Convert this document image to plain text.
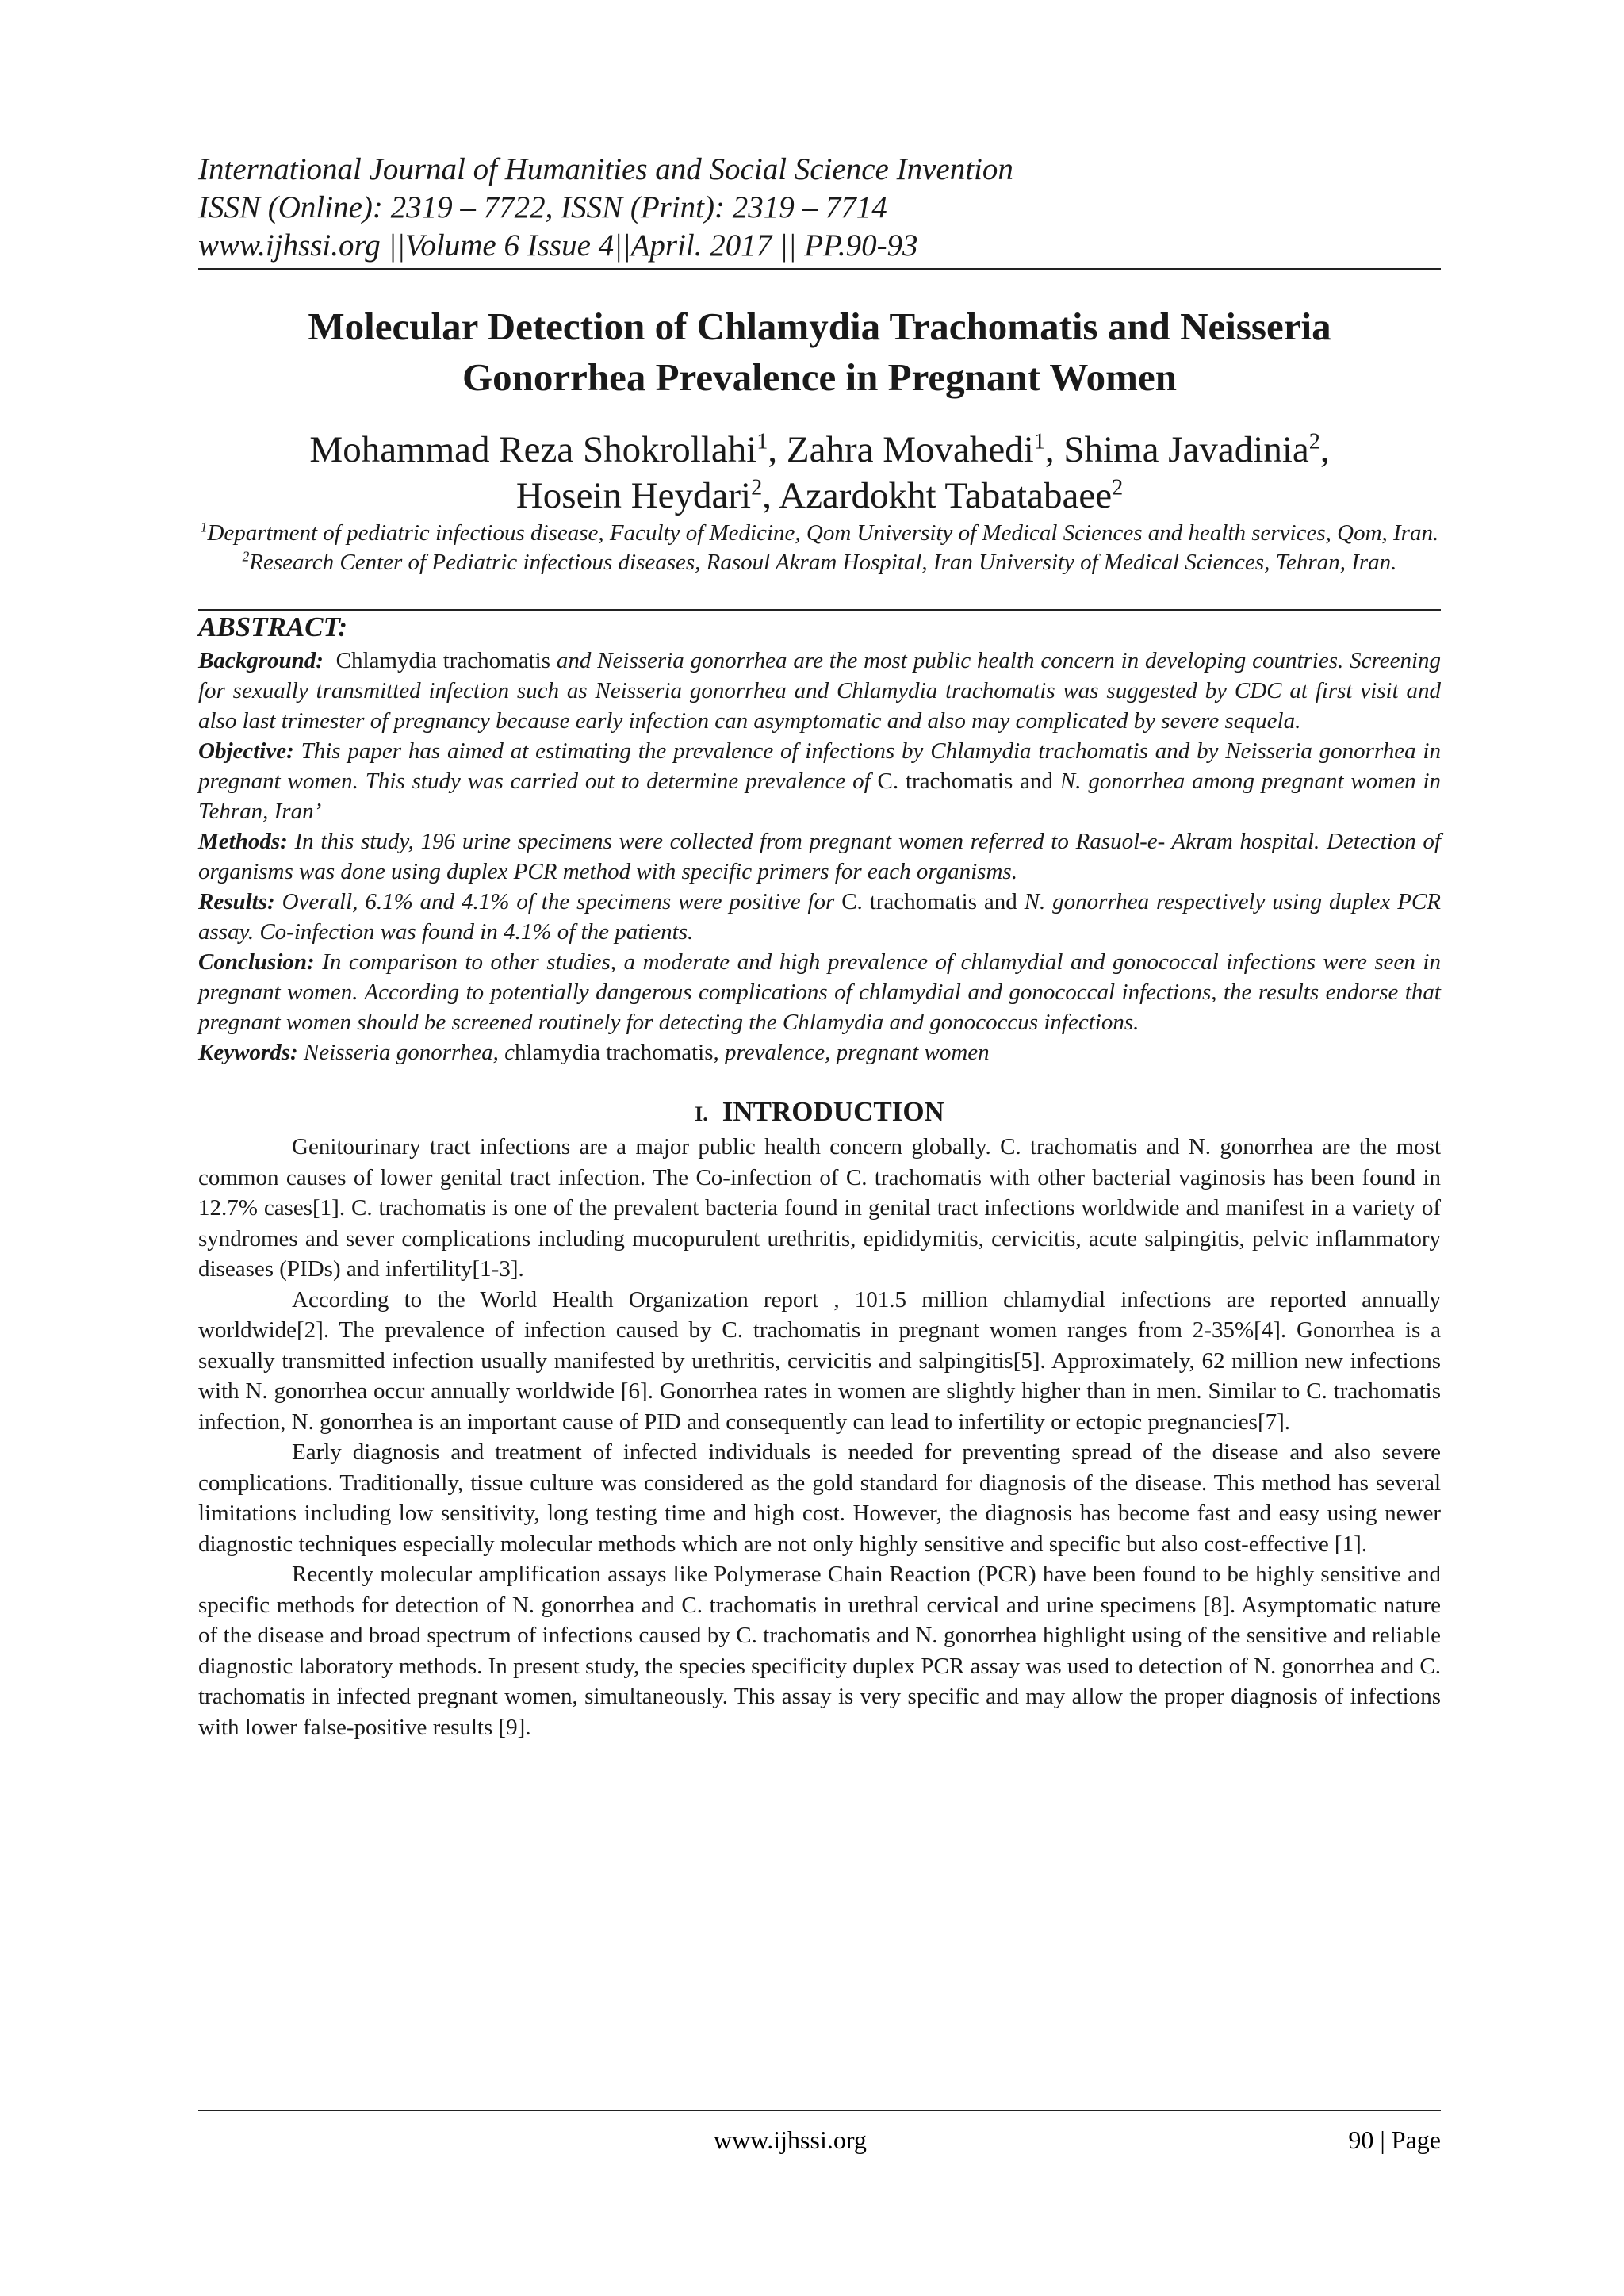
International Journal of Humanities and Social Science Invention
ISSN (Online): 2319 – 7722, ISSN (Print): 2319 – 7714
www.ijhssi.org ||Volume 6 Issue 4||April. 2017 || PP.90-93
Molecular Detection of Chlamydia Trachomatis and Neisseria
Gonorrhea Prevalence in Pregnant Women
Mohammad Reza Shokrollahi$^1$, Zahra Movahedi$^1$, Shima Javadinia$^2$,
Hosein Heydari$^2$, Azardokht Tabatabaee$^2$
$^1$Department of pediatric infectious disease, Faculty of Medicine, Qom University of Medical Sciences and health services, Qom, Iran.
$^2$Research Center of Pediatric infectious diseases, Rasoul Akram Hospital, Iran University of Medical Sciences, Tehran, Iran.
ABSTRACT:

Background: Chlamydia trachomatis and Neisseria gonorrhea are the most public health concern in developing countries. Screening for sexually transmitted infection such as Neisseria gonorrhea and Chlamydia trachomatis was suggested by CDC at first visit and also last trimester of pregnancy because early infection can asymptomatic and also may complicated by severe sequela.

Objective: This paper has aimed at estimating the prevalence of infections by Chlamydia trachomatis and by Neisseria gonorrhea in pregnant women. This study was carried out to determine prevalence of C. trachomatis and N. gonorrhea among pregnant women in Tehran, Iran’

Methods: In this study, 196 urine specimens were collected from pregnant women referred to Rasuol-e- Akram hospital. Detection of organisms was done using duplex PCR method with specific primers for each organisms.

Results: Overall, 6.1% and 4.1% of the specimens were positive for C. trachomatis and N. gonorrhea respectively using duplex PCR assay. Co-infection was found in 4.1% of the patients.

Conclusion: In comparison to other studies, a moderate and high prevalence of chlamydial and gonococcal infections were seen in pregnant women. According to potentially dangerous complications of chlamydial and gonococcal infections, the results endorse that pregnant women should be screened routinely for detecting the Chlamydia and gonococcus infections.

Keywords: Neisseria gonorrhea, chlamydia trachomatis, prevalence, pregnant women

I. INTRODUCTION

Genitourinary tract infections are a major public health concern globally. C. trachomatis and N. gonorrhea are the most common causes of lower genital tract infection. The Co-infection of C. trachomatis with other bacterial vaginosis has been found in 12.7% cases[1]. C. trachomatis is one of the prevalent bacteria found in genital tract infections worldwide and manifest in a variety of syndromes and sever complications including mucopurulent urethritis, epididymitis, cervicitis, acute salpingitis, pelvic inflammatory diseases (PIDs) and infertility[1-3].

According to the World Health Organization report , 101.5 million chlamydial infections are reported annually worldwide[2]. The prevalence of infection caused by C. trachomatis in pregnant women ranges from 2-35%[4]. Gonorrhea is a sexually transmitted infection usually manifested by urethritis, cervicitis and salpingitis[5]. Approximately, 62 million new infections with N. gonorrhea occur annually worldwide [6]. Gonorrhea rates in women are slightly higher than in men. Similar to C. trachomatis infection, N. gonorrhea is an important cause of PID and consequently can lead to infertility or ectopic pregnancies[7].

Early diagnosis and treatment of infected individuals is needed for preventing spread of the disease and also severe complications. Traditionally, tissue culture was considered as the gold standard for diagnosis of the disease. This method has several limitations including low sensitivity, long testing time and high cost. However, the diagnosis has become fast and easy using newer diagnostic techniques especially molecular methods which are not only highly sensitive and specific but also cost-effective [1].

Recently molecular amplification assays like Polymerase Chain Reaction (PCR) have been found to be highly sensitive and specific methods for detection of N. gonorrhea and C. trachomatis in urethral cervical and urine specimens [8]. Asymptomatic nature of the disease and broad spectrum of infections caused by C. trachomatis and N. gonorrhea highlight using of the sensitive and reliable diagnostic laboratory methods. In present study, the species specificity duplex PCR assay was used to detection of N. gonorrhea and C. trachomatis in infected pregnant women, simultaneously. This assay is very specific and may allow the proper diagnosis of infections with lower false-positive results [9].

www.ijhssi.org	90 | Page
